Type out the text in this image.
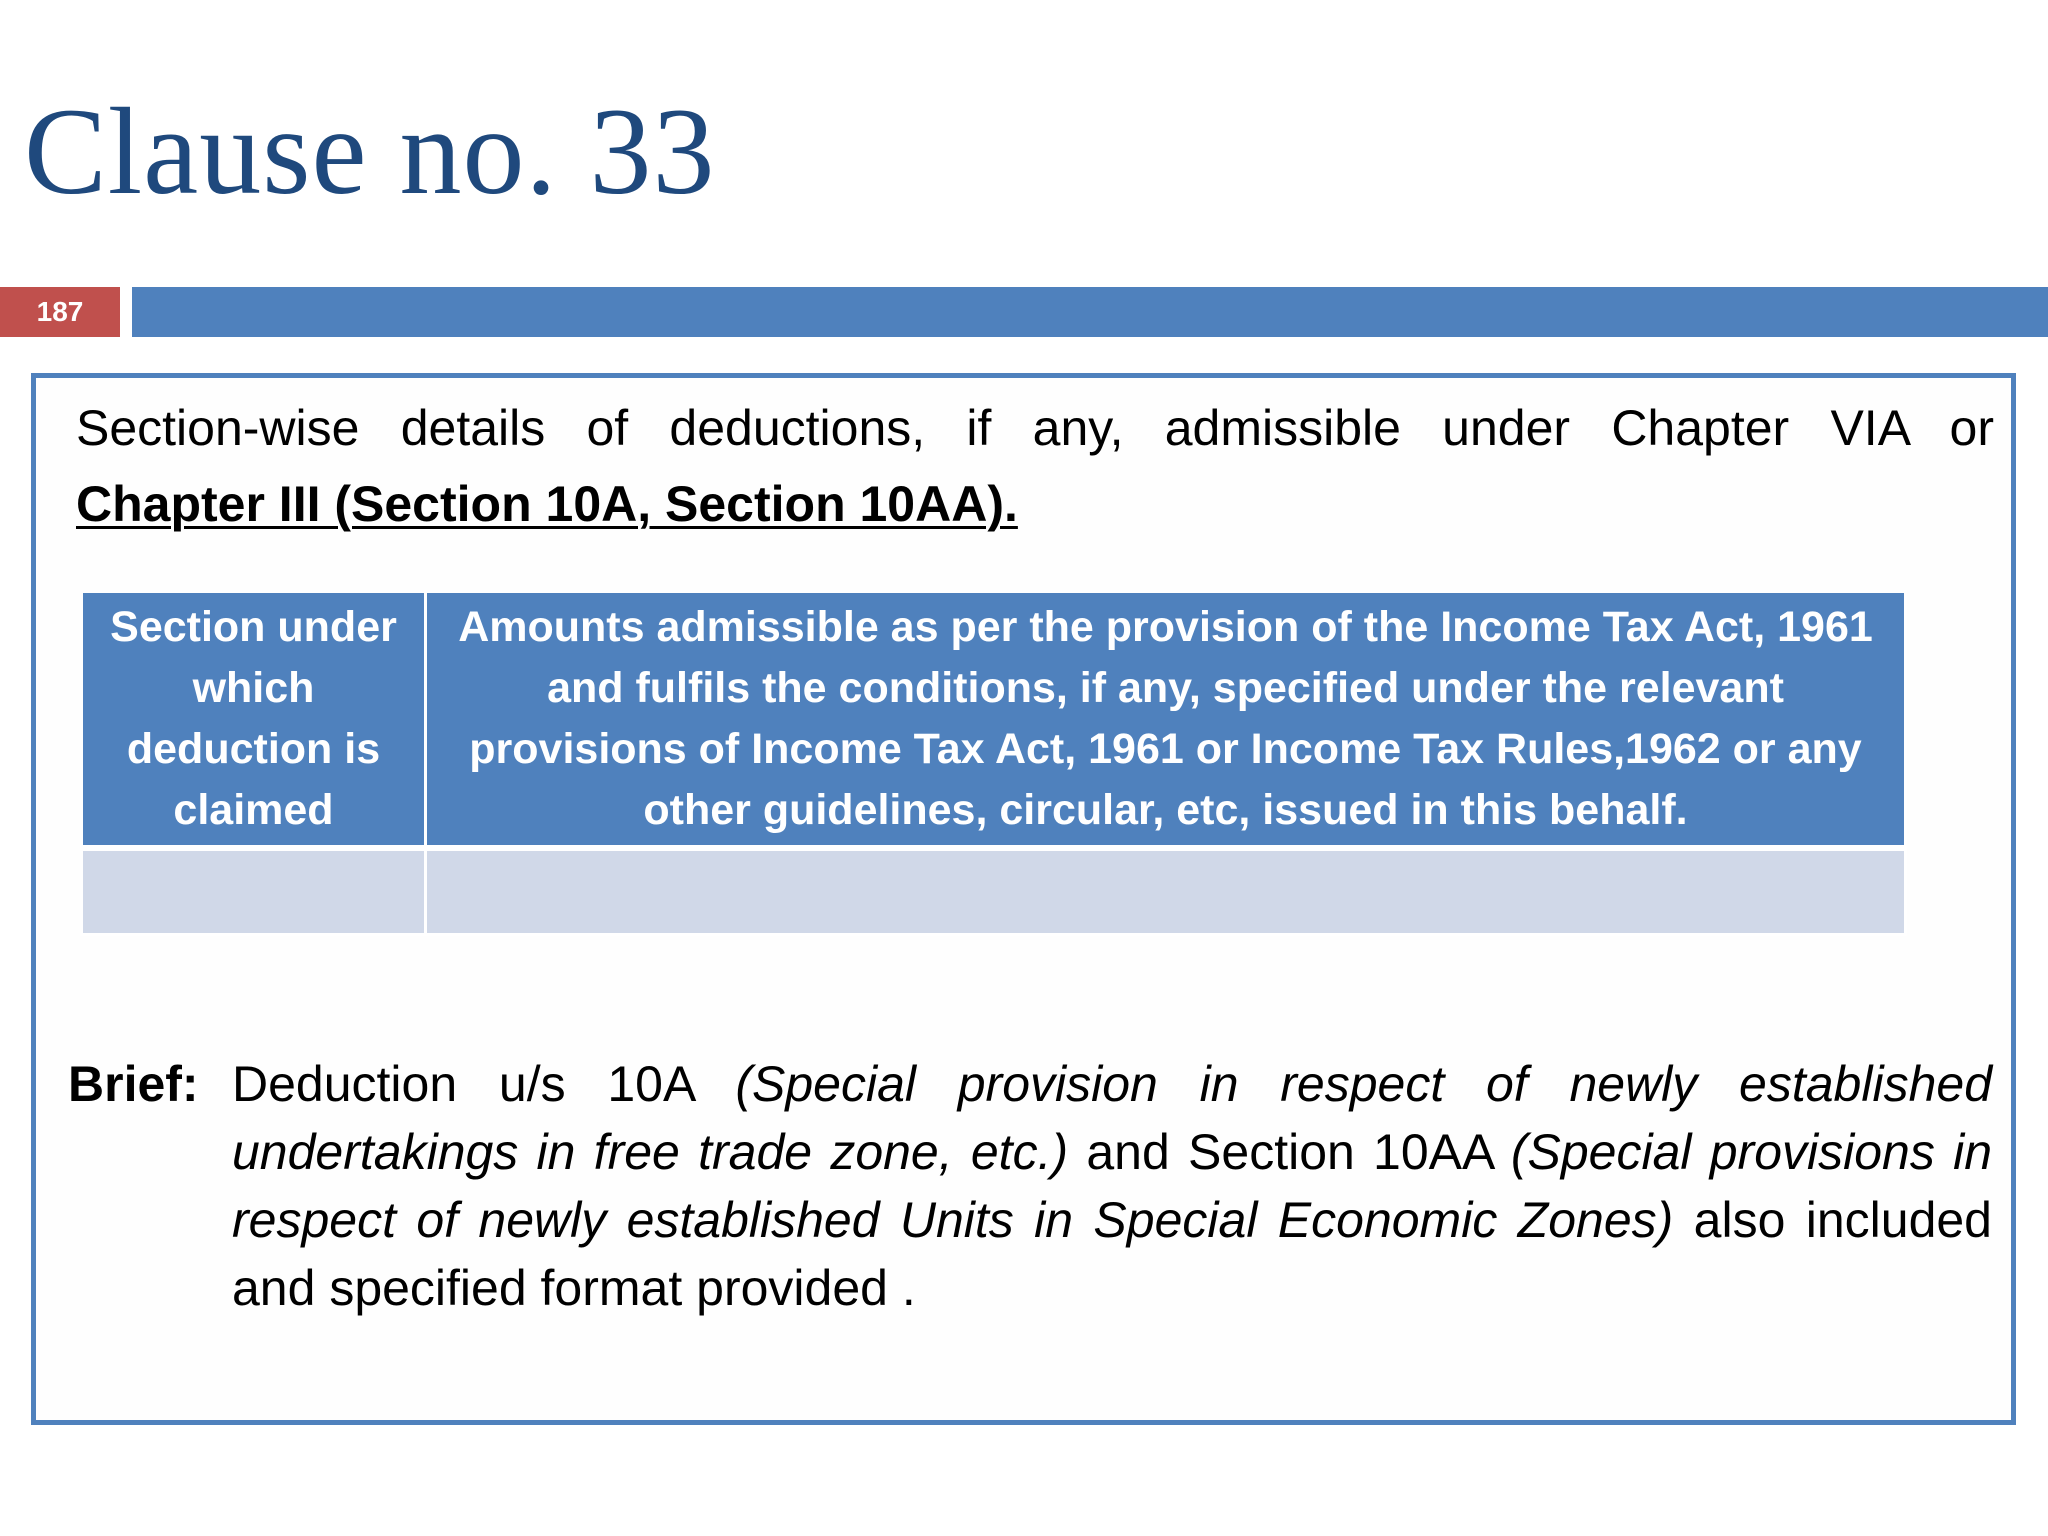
Clause no. 33
187
Section-wise details of deductions, if any, admissible under Chapter VIA or
Chapter III (Section 10A, Section 10AA).
Section under which deduction is claimed	Amounts admissible as per the provision of the Income Tax Act, 1961 and fulfils the conditions, if any, specified under the relevant provisions of Income Tax Act, 1961 or Income Tax Rules,1962 or any other guidelines, circular, etc, issued in this behalf.

Brief: Deduction u/s 10A (Special provision in respect of newly established undertakings in free trade zone, etc.) and Section 10AA (Special provisions in respect of newly established Units in Special Economic Zones) also included and specified format provided .
